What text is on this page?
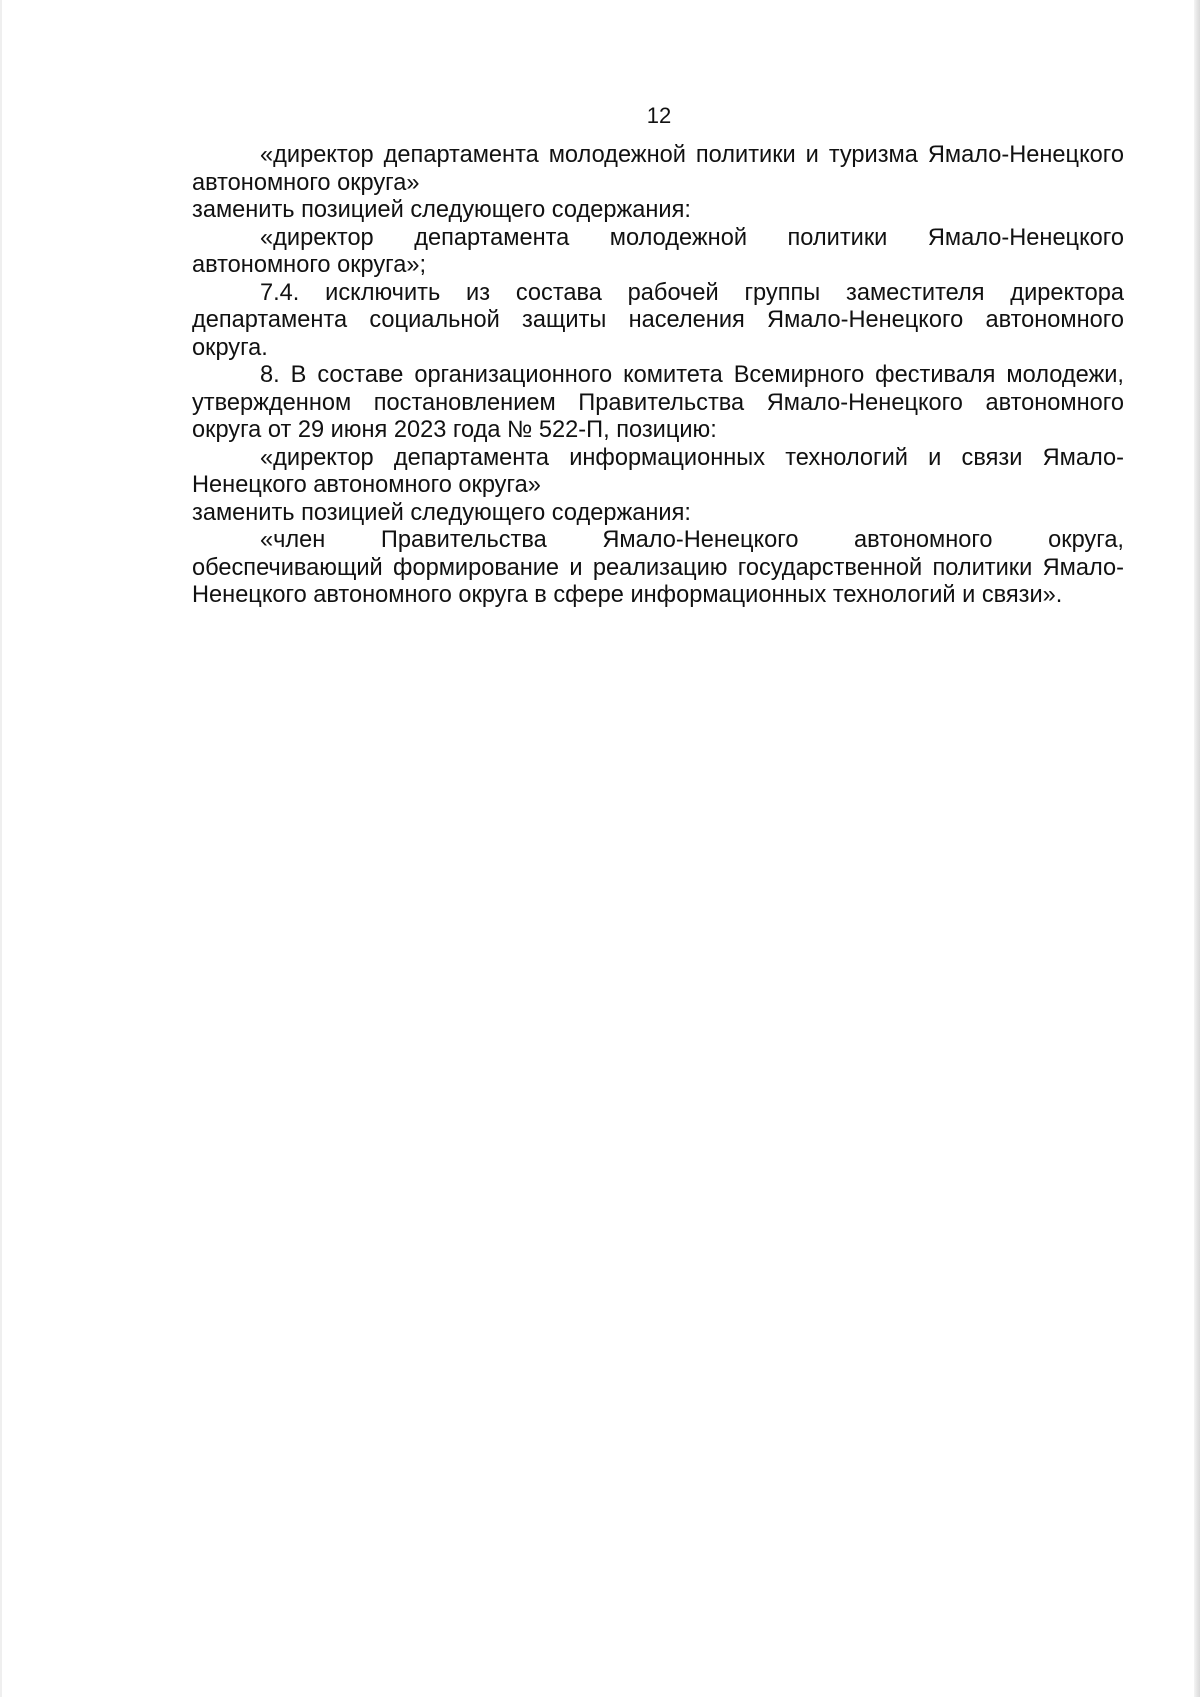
12

«директор департамента молодежной политики и туризма Ямало-Ненецкого автономного округа»

заменить позицией следующего содержания:

«директор департамента молодежной политики Ямало-Ненецкого автономного округа»;

7.4. исключить из состава рабочей группы заместителя директора департамента социальной защиты населения Ямало-Ненецкого автономного округа.

8. В составе организационного комитета Всемирного фестиваля молодежи, утвержденном постановлением Правительства Ямало-Ненецкого автономного округа от 29 июня 2023 года № 522-П, позицию:

«директор департамента информационных технологий и связи Ямало-Ненецкого автономного округа»

заменить позицией следующего содержания:

«член Правительства Ямало-Ненецкого автономного округа, обеспечивающий формирование и реализацию государственной политики Ямало-Ненецкого автономного округа в сфере информационных технологий и связи».
